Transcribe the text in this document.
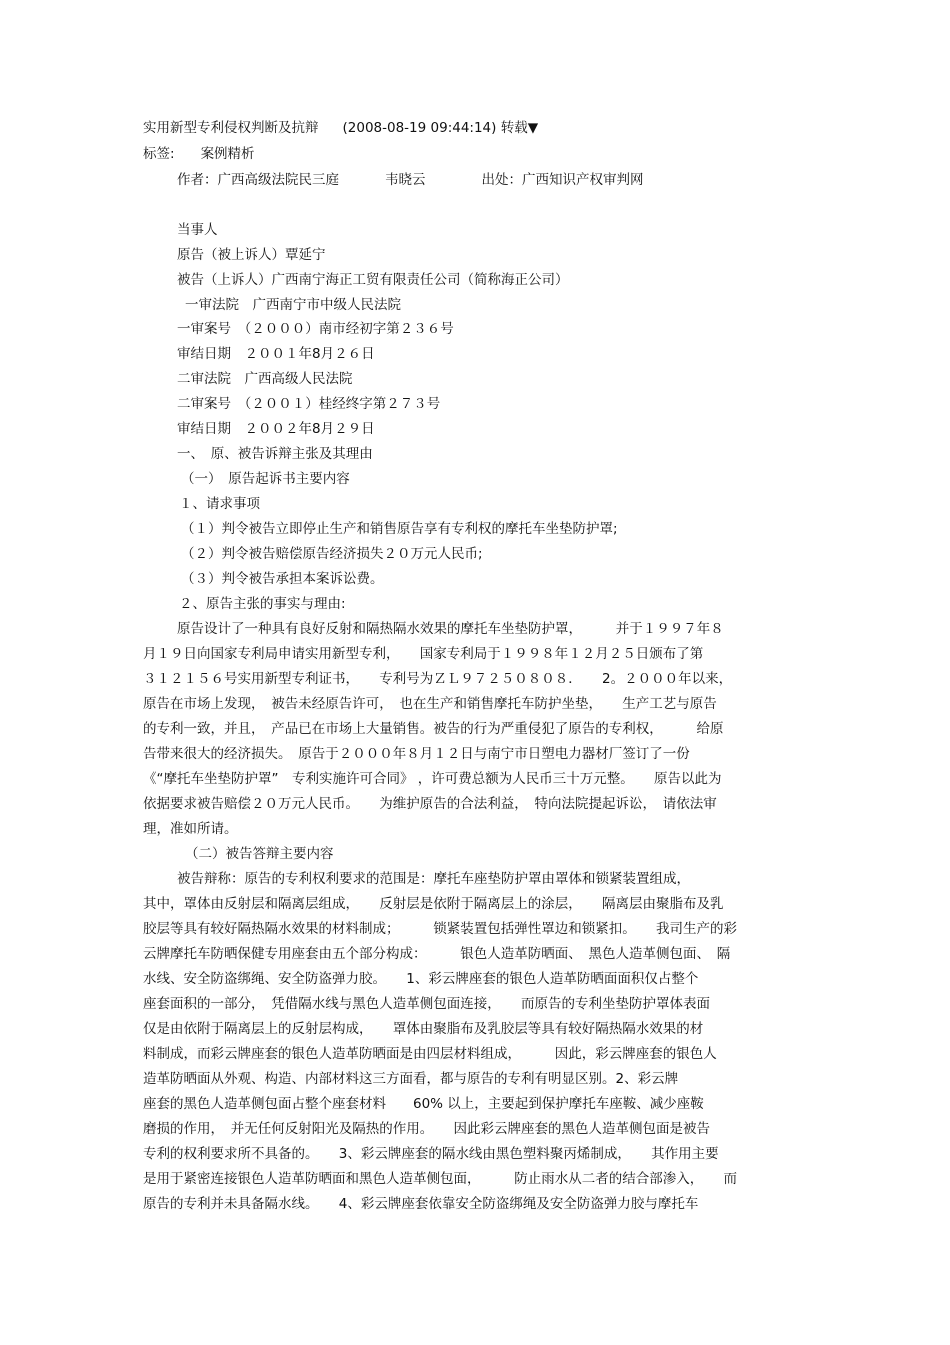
实用新型专利侵权判断及抗辩 (2008-08-19 09:44:14) 转载▼
标签: 案例精析
作者：广西高级法院民三庭	韦晓云	出处：广西知识产权审判网
当事人
原告（被上诉人）覃延宁
被告（上诉人）广西南宁海正工贸有限责任公司（简称海正公司）
一审法院　广西南宁市中级人民法院
一审案号　（２０００）南市经初字第２３６号
审结日期　２００１年8月２６日
二审法院　广西高级人民法院
二审案号　（２００１）桂经终字第２７３号
审结日期　２００２年8月２９日
一、　原、被告诉辩主张及其理由
（一）　原告起诉书主要内容
１、请求事项
（１）判令被告立即停止生产和销售原告享有专利权的摩托车坐垫防护罩;
（２）判令被告赔偿原告经济损失２０万元人民币;
（３）判令被告承担本案诉讼费。
２、原告主张的事实与理由:
原告设计了一种具有良好反射和隔热隔水效果的摩托车坐垫防护罩，　　　并于１９９７年８
月１９日向国家专利局申请实用新型专利，　　国家专利局于１９９８年１２月２５日颁布了第
３１２１５６号实用新型专利证书，　　专利号为ＺＬ９７２５０８０８．　　2。２０００年以来，
原告在市场上发现，　被告未经原告许可，　也在生产和销售摩托车防护坐垫，　　生产工艺与原告
的专利一致，并且，　产品已在市场上大量销售。被告的行为严重侵犯了原告的专利权，　　　给原
告带来很大的经济损失。　原告于２０００年８月１２日与南宁市日塑电力器材厂签订了一份
《“摩托车坐垫防护罩”　专利实施许可合同》 ，许可费总额为人民币三十万元整。　　原告以此为
依据要求被告赔偿２０万元人民币。　　为维护原告的合法利益，　特向法院提起诉讼，　请依法审
理，准如所请。
（二）被告答辩主要内容
被告辩称：原告的专利权利要求的范围是：摩托车座垫防护罩由罩体和锁紧装置组成，
其中，罩体由反射层和隔离层组成，　　反射层是依附于隔离层上的涂层，　　隔离层由聚脂布及乳
胶层等具有较好隔热隔水效果的材料制成；　　　锁紧装置包括弹性罩边和锁紧扣。　　我司生产的彩
云牌摩托车防晒保健专用座套由五个部分构成：　　　银色人造革防晒面、　黑色人造革侧包面、　隔
水线、安全防盗绑绳、安全防盗弹力胶。　　1、彩云牌座套的银色人造革防晒面面积仅占整个
座套面积的一部分，　凭借隔水线与黑色人造革侧包面连接，　　而原告的专利坐垫防护罩体表面
仅是由依附于隔离层上的反射层构成，　　罩体由聚脂布及乳胶层等具有较好隔热隔水效果的材
料制成，而彩云牌座套的银色人造革防晒面是由四层材料组成，　　　因此，彩云牌座套的银色人
造革防晒面从外观、构造、内部材料这三方面看，都与原告的专利有明显区别。2、彩云牌
座套的黑色人造革侧包面占整个座套材料　　60% 以上，主要起到保护摩托车座鞍、减少座鞍
磨损的作用，　并无任何反射阳光及隔热的作用。　　因此彩云牌座套的黑色人造革侧包面是被告
专利的权利要求所不具备的。　　3、彩云牌座套的隔水线由黑色塑料聚丙烯制成，　　其作用主要
是用于紧密连接银色人造革防晒面和黑色人造革侧包面，　　　防止雨水从二者的结合部渗入，　　而
原告的专利并未具备隔水线。　　4、彩云牌座套依靠安全防盗绑绳及安全防盗弹力胶与摩托车
